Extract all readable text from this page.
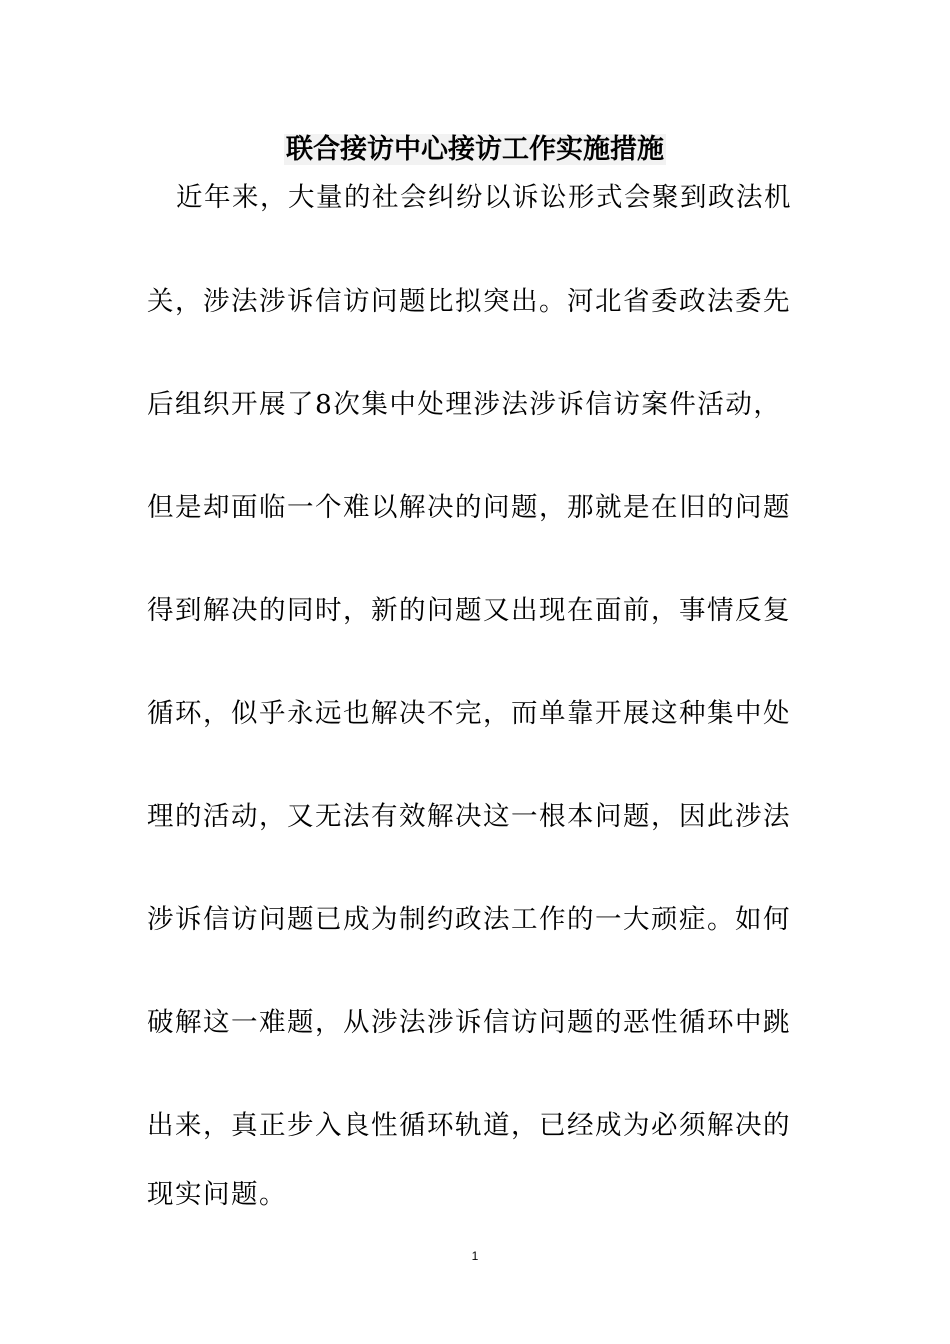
联合接访中心接访工作实施措施
近年来，大量的社会纠纷以诉讼形式会聚到政法机
关，涉法涉诉信访问题比拟突出。河北省委政法委先
后组织开展了8次集中处理涉法涉诉信访案件活动，
但是却面临一个难以解决的问题，那就是在旧的问题
得到解决的同时，新的问题又出现在面前，事情反复
循环，似乎永远也解决不完，而单靠开展这种集中处
理的活动，又无法有效解决这一根本问题，因此涉法
涉诉信访问题已成为制约政法工作的一大顽症。如何
破解这一难题，从涉法涉诉信访问题的恶性循环中跳
出来，真正步入良性循环轨道，已经成为必须解决的
现实问题。
1
